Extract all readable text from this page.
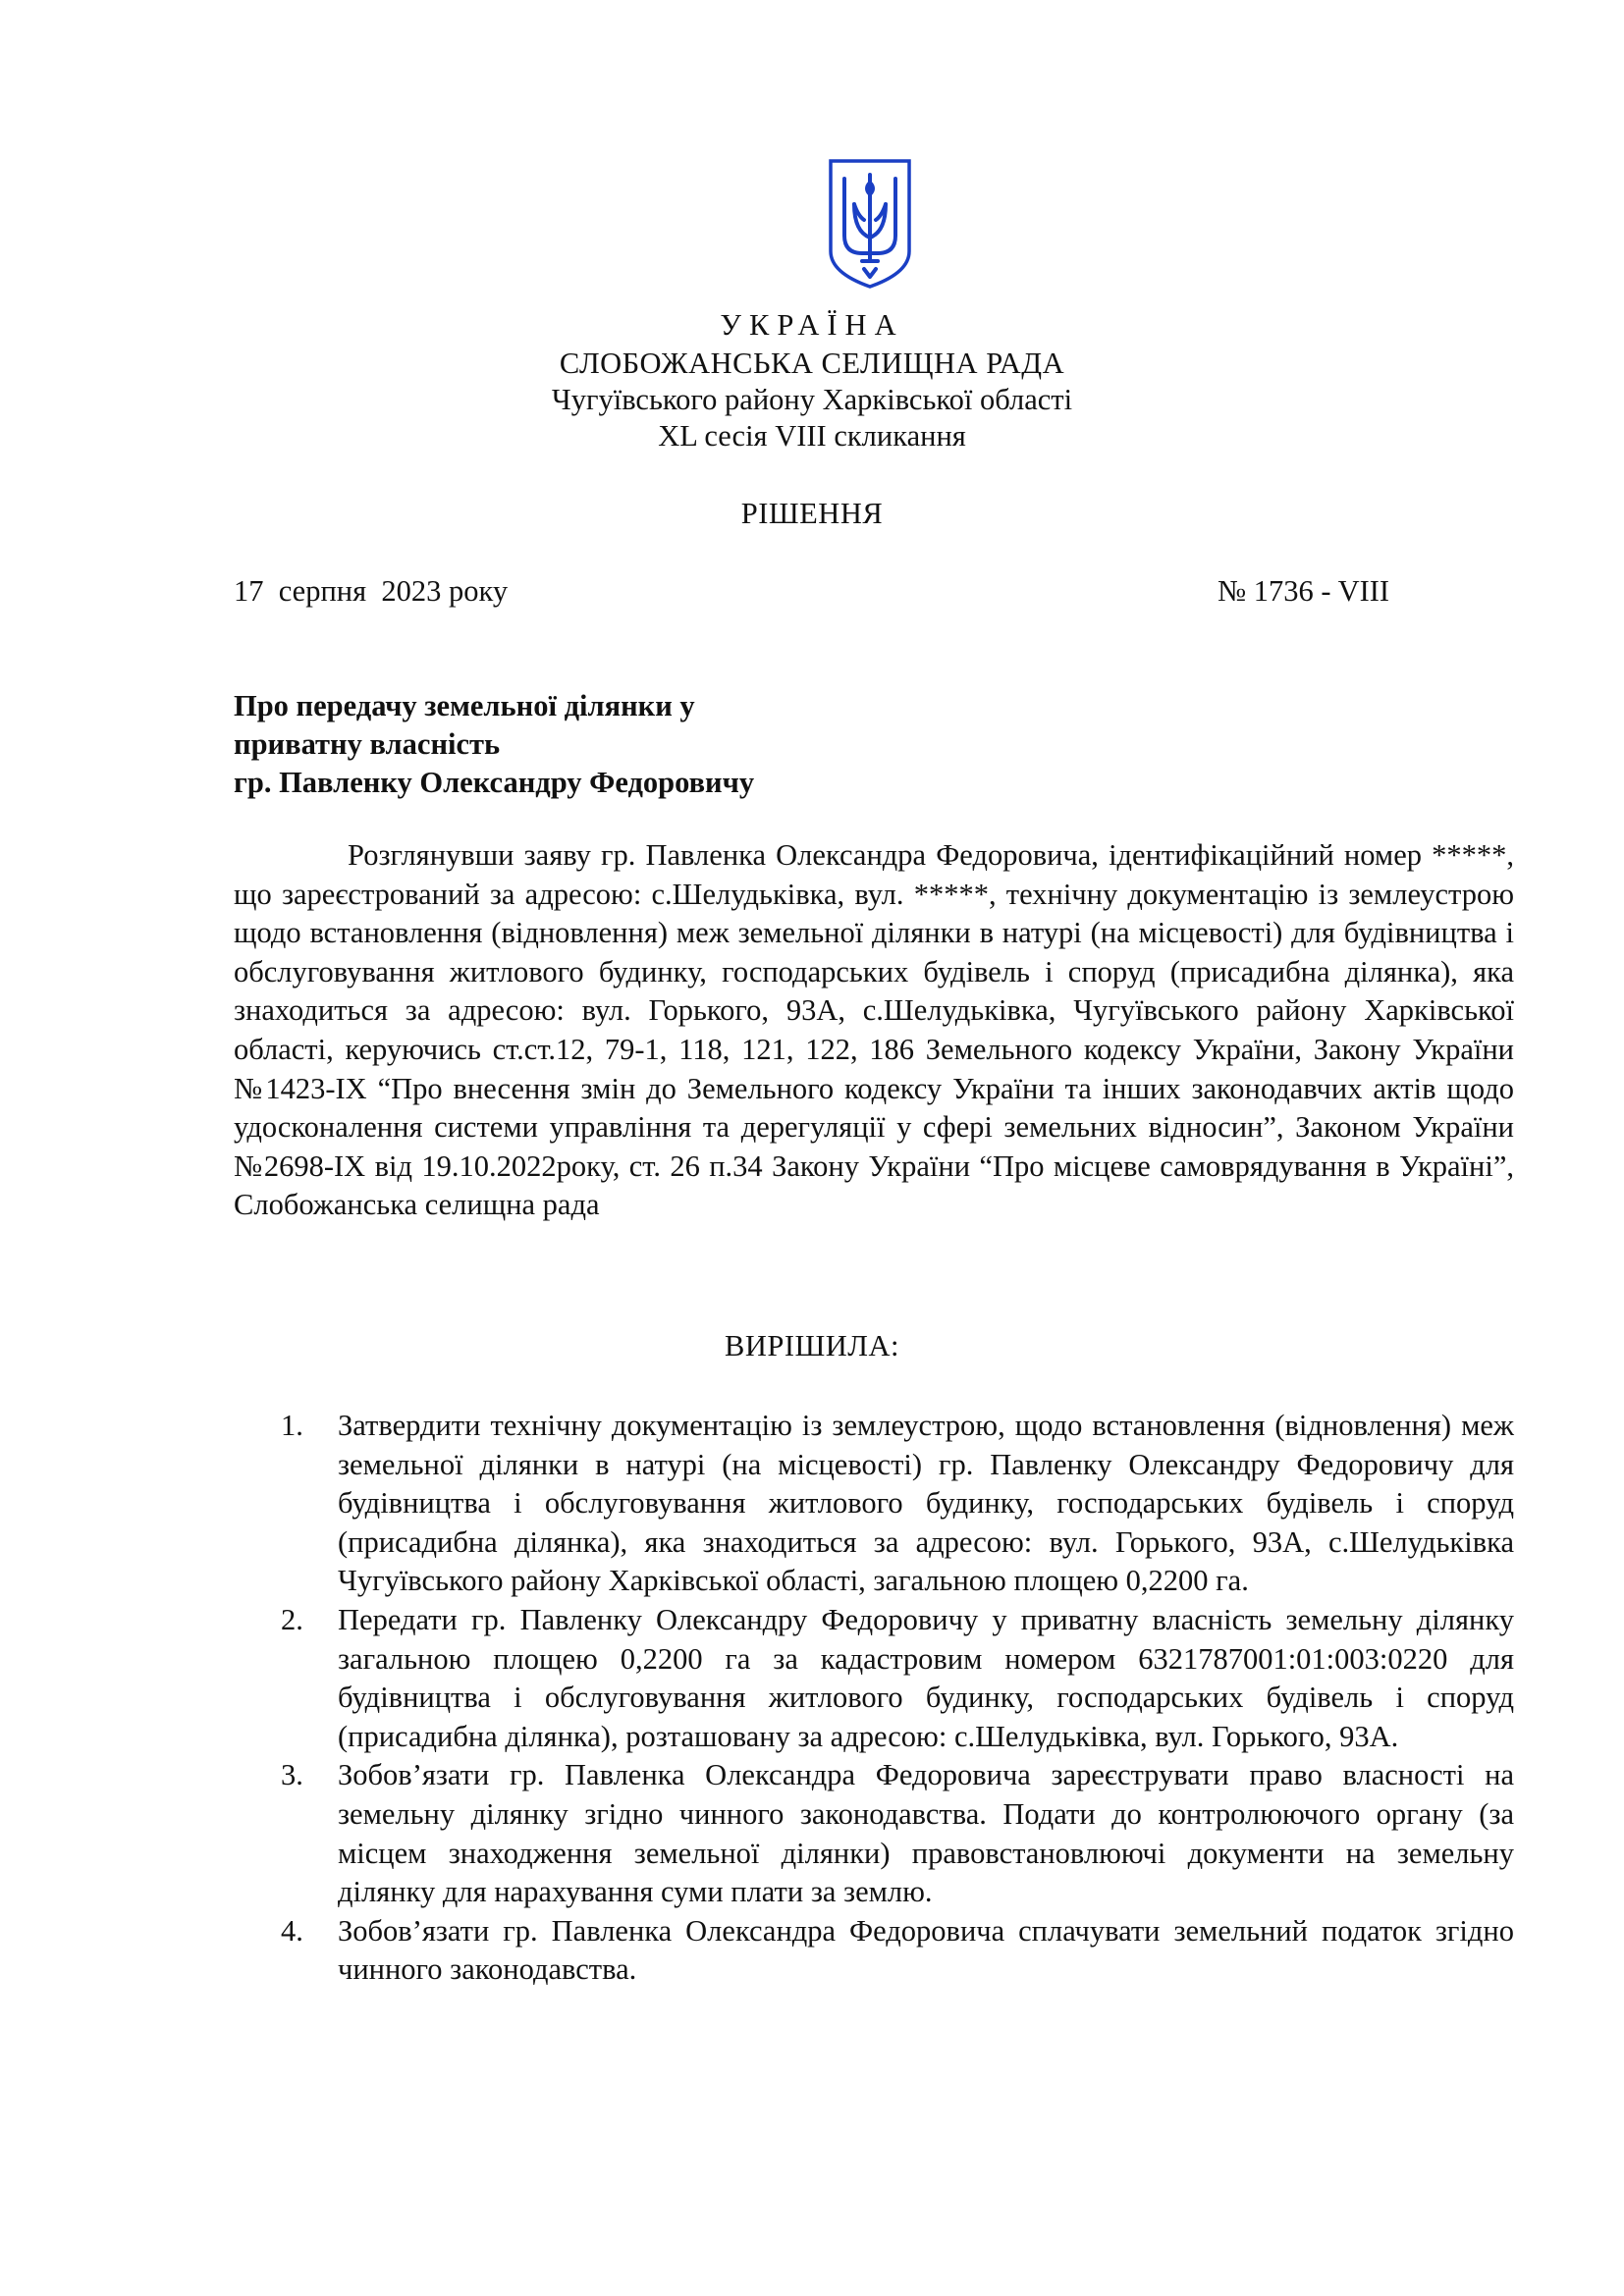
УКРАЇНА
СЛОБОЖАНСЬКА СЕЛИЩНА РАДА
Чугуївського району Харківської області
XL сесія VIII скликання
РІШЕННЯ
17  серпня  2023 року	№ 1736 - VIII
Про передачу земельної ділянки у
приватну власність
гр. Павленку Олександру Федоровичу
Розглянувши заяву гр. Павленка Олександра Федоровича, ідентифікаційний номер *****, що зареєстрований за адресою: с.Шелудьківка, вул. *****, технічну документацію із землеустрою щодо встановлення (відновлення) меж земельної ділянки в натурі (на місцевості) для будівництва і обслуговування житлового будинку, господарських будівель і споруд (присадибна ділянка), яка знаходиться за адресою: вул. Горького, 93А, с.Шелудьківка, Чугуївського району Харківської області, керуючись ст.ст.12, 79-1, 118, 121, 122, 186 Земельного кодексу України, Закону України №1423-IX “Про внесення змін до Земельного кодексу України та інших законодавчих актів щодо удосконалення системи управління та дерегуляції у сфері земельних відносин”, Законом України №2698-IX від 19.10.2022року, ст. 26 п.34 Закону України “Про місцеве самоврядування в Україні”, Слобожанська селищна рада
ВИРІШИЛА:
1. Затвердити технічну документацію із землеустрою, щодо встановлення (відновлення) меж земельної ділянки в натурі (на місцевості) гр. Павленку Олександру Федоровичу для будівництва і обслуговування житлового будинку, господарських будівель і споруд (присадибна ділянка), яка знаходиться за адресою: вул. Горького, 93А, с.Шелудьківка Чугуївського району Харківської області, загальною площею 0,2200 га.
2. Передати гр. Павленку Олександру Федоровичу у приватну власність земельну ділянку загальною площею 0,2200 га за кадастровим номером 6321787001:01:003:0220 для будівництва і обслуговування житлового будинку, господарських будівель і споруд (присадибна ділянка), розташовану за адресою: с.Шелудьківка, вул. Горького, 93А.
3. Зобов’язати гр. Павленка Олександра Федоровича зареєструвати право власності на земельну ділянку згідно чинного законодавства. Подати до контролюючого органу (за місцем знаходження земельної ділянки) правовстановлюючі документи на земельну ділянку для нарахування суми плати за землю.
4. Зобов’язати гр. Павленка Олександра Федоровича сплачувати земельний податок згідно чинного законодавства.
